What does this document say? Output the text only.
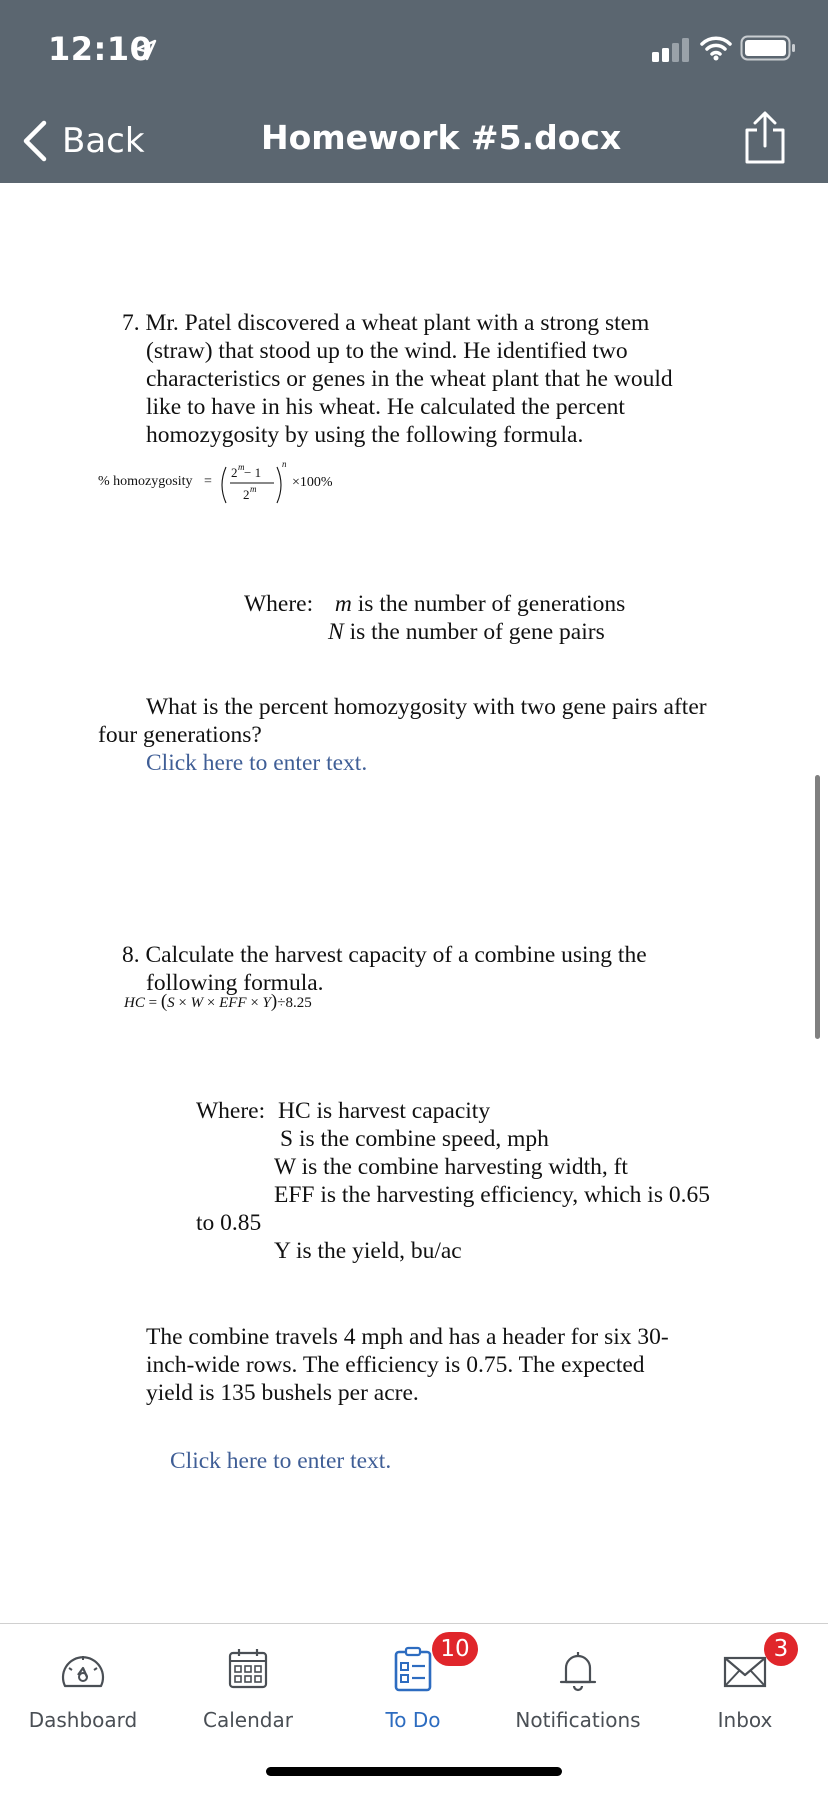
12:10
Back	Homework #5.docx
7. Mr. Patel discovered a wheat plant with a strong stem
(straw) that stood up to the wind. He identified two
characteristics or genes in the wheat plant that he would
like to have in his wheat. He calculated the percent
homozygosity by using the following formula.
% homozygosity =
2 m − 1
2 m
n
×100%
Where: m is the number of generations
N is the number of gene pairs
What is the percent homozygosity with two gene pairs after
four generations?
Click here to enter text.
8. Calculate the harvest capacity of a combine using the
following formula.
HC = (S × W × EFF × Y)÷8.25
Where: HC is harvest capacity
S is the combine speed, mph
W is the combine harvesting width, ft
EFF is the harvesting efficiency, which is 0.65
to 0.85
Y is the yield, bu/ac
The combine travels 4 mph and has a header for six 30-
inch-wide rows. The efficiency is 0.75. The expected
yield is 135 bushels per acre.
Click here to enter text.
Dashboard	Calendar
10
To Do	Notifications
3
Inbox
